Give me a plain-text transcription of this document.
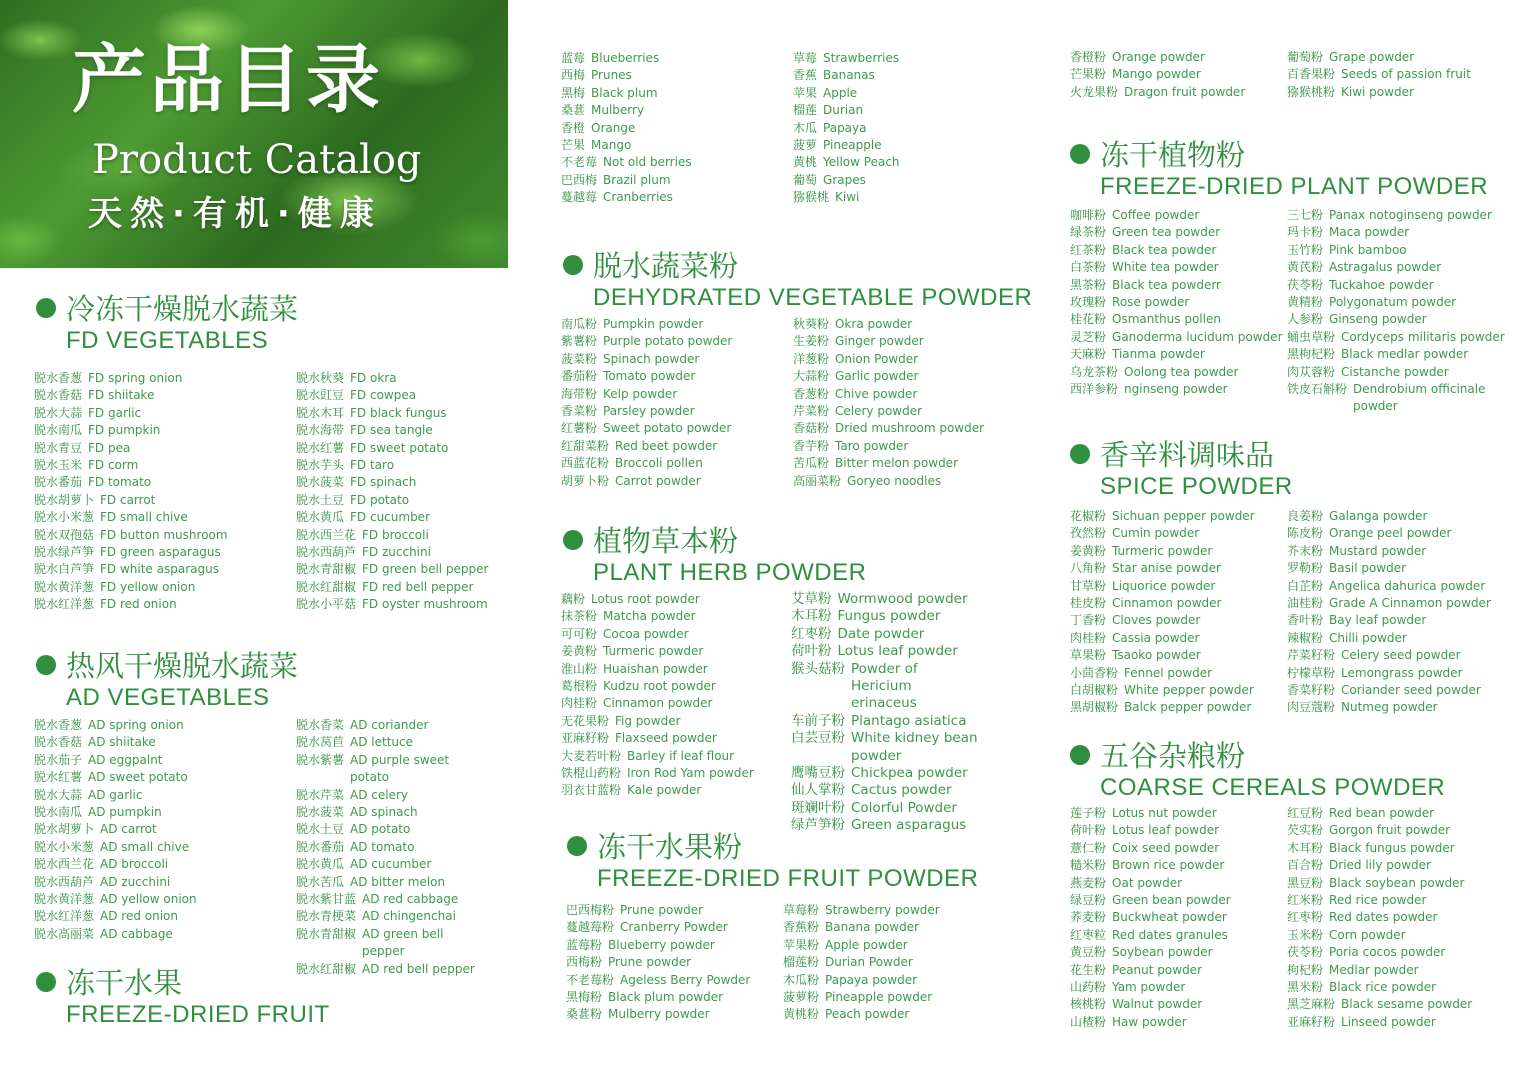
产品目录
Product Catalog
天然·有机·健康
冷冻干燥脱水蔬菜
FD VEGETABLES
脱水香葱 FD spring onion
脱水香菇 FD shiitake
脱水大蒜 FD garlic
脱水南瓜 FD pumpkin
脱水青豆 FD pea
脱水玉米 FD corm
脱水番茄 FD tomato
脱水胡萝卜 FD carrot
脱水小米葱 FD small chive
脱水双孢菇 FD button mushroom
脱水绿芦笋 FD green asparagus
脱水白芦笋 FD white asparagus
脱水黄洋葱 FD yellow onion
脱水红洋葱 FD red onion
脱水秋葵 FD okra
脱水豇豆 FD cowpea
脱水木耳 FD black fungus
脱水海带 FD sea tangle
脱水红薯 FD sweet potato
脱水芋头 FD taro
脱水菠菜 FD spinach
脱水土豆 FD potato
脱水黄瓜 FD cucumber
脱水西兰花 FD broccoli
脱水西葫芦 FD zucchini
脱水青甜椒 FD green bell pepper
脱水红甜椒 FD red bell pepper
脱水小平菇 FD oyster mushroom
热风干燥脱水蔬菜
AD VEGETABLES
脱水香葱 AD spring onion
脱水香菇 AD shiitake
脱水茄子 AD eggpalnt
脱水红薯 AD sweet potato
脱水大蒜 AD garlic
脱水南瓜 AD pumpkin
脱水胡萝卜 AD carrot
脱水小米葱 AD small chive
脱水西兰花 AD broccoli
脱水西葫芦 AD zucchini
脱水黄洋葱 AD yellow onion
脱水红洋葱 AD red onion
脱水高丽菜 AD cabbage
脱水香菜 AD coriander
脱水莴苣 AD lettuce
脱水紫薯 AD purple sweet potato
脱水芹菜 AD celery
脱水菠菜 AD spinach
脱水土豆 AD potato
脱水番茄 AD tomato
脱水黄瓜 AD cucumber
脱水苦瓜 AD bitter melon
脱水紫甘蓝 AD red cabbage
脱水青梗菜 AD chingenchai
脱水青甜椒 AD green bell pepper
脱水红甜椒 AD red bell pepper
冻干水果
FREEZE-DRIED FRUIT
蓝莓 Blueberries
西梅 Prunes
黑梅 Black plum
桑葚 Mulberry
香橙 Orange
芒果 Mango
不老莓 Not old berries
巴西梅 Brazil plum
蔓越莓 Cranberries
草莓 Strawberries
香蕉 Bananas
苹果 Apple
榴莲 Durian
木瓜 Papaya
菠萝 Pineapple
黄桃 Yellow Peach
葡萄 Grapes
猕猴桃 Kiwi
脱水蔬菜粉
DEHYDRATED VEGETABLE POWDER
南瓜粉 Pumpkin powder
紫薯粉 Purple potato powder
菠菜粉 Spinach powder
番茄粉 Tomato powder
海带粉 Kelp powder
香菜粉 Parsley powder
红薯粉 Sweet potato powder
红甜菜粉 Red beet powder
西蓝花粉 Broccoli pollen
胡萝卜粉 Carrot powder
秋葵粉 Okra powder
生姜粉 Ginger powder
洋葱粉 Onion Powder
大蒜粉 Garlic powder
香葱粉 Chive powder
芹菜粉 Celery powder
香菇粉 Dried mushroom powder
香芋粉 Taro powder
苦瓜粉 Bitter melon powder
高丽菜粉 Goryeo noodles
植物草本粉
PLANT HERB POWDER
藕粉 Lotus root powder
抹茶粉 Matcha powder
可可粉 Cocoa powder
姜黄粉 Turmeric powder
淮山粉 Huaishan powder
葛根粉 Kudzu root powder
肉桂粉 Cinnamon powder
无花果粉 Fig powder
亚麻籽粉 Flaxseed powder
大麦若叶粉 Barley if leaf flour
铁棍山药粉 Iron Rod Yam powder
羽衣甘蓝粉 Kale powder
艾草粉 Wormwood powder
木耳粉 Fungus powder
红枣粉 Date powder
荷叶粉 Lotus leaf powder
猴头菇粉 Powder of Hericium erinaceus
车前子粉 Plantago asiatica
白芸豆粉 White kidney bean powder
鹰嘴豆粉 Chickpea powder
仙人掌粉 Cactus powder
斑斓叶粉 Colorful Powder
绿芦笋粉 Green asparagus
冻干水果粉
FREEZE-DRIED FRUIT POWDER
巴西梅粉 Prune powder
蔓越莓粉 Cranberry Powder
蓝莓粉 Blueberry powder
西梅粉 Prune powder
不老莓粉 Ageless Berry Powder
黑梅粉 Black plum powder
桑葚粉 Mulberry powder
草莓粉 Strawberry powder
香蕉粉 Banana powder
苹果粉 Apple powder
榴莲粉 Durian Powder
木瓜粉 Papaya powder
菠萝粉 Pineapple powder
黄桃粉 Peach powder
香橙粉 Orange powder
芒果粉 Mango powder
火龙果粉 Dragon fruit powder
葡萄粉 Grape powder
百香果粉 Seeds of passion fruit
猕猴桃粉 Kiwi powder
冻干植物粉
FREEZE-DRIED PLANT POWDER
咖啡粉 Coffee powder
绿茶粉 Green tea powder
红茶粉 Black tea powder
白茶粉 White tea powder
黑茶粉 Black tea powderr
玫瑰粉 Rose powder
桂花粉 Osmanthus pollen
灵芝粉 Ganoderma lucidum powder
天麻粉 Tianma powder
乌龙茶粉 Oolong tea powder
西洋参粉 nginseng powder
三七粉 Panax notoginseng powder
玛卡粉 Maca powder
玉竹粉 Pink bamboo
黄芪粉 Astragalus powder
茯苓粉 Tuckahoe powder
黄精粉 Polygonatum powder
人参粉 Ginseng powder
蛹虫草粉 Cordyceps militaris powder
黑枸杞粉 Black medlar powder
肉苁蓉粉 Cistanche powder
铁皮石斛粉 Dendrobium officinale powder
香辛料调味品
SPICE POWDER
花椒粉 Sichuan pepper powder
孜然粉 Cumin powder
姜黄粉 Turmeric powder
八角粉 Star anise powder
甘草粉 Liquorice powder
桂皮粉 Cinnamon powder
丁香粉 Cloves powder
肉桂粉 Cassia powder
草果粉 Tsaoko powder
小茴香粉 Fennel powder
白胡椒粉 White pepper powder
黑胡椒粉 Balck pepper powder
良姜粉 Galanga powder
陈皮粉 Orange peel powder
芥末粉 Mustard powder
罗勒粉 Basil powder
白芷粉 Angelica dahurica powder
油桂粉 Grade A Cinnamon powder
香叶粉 Bay leaf powder
辣椒粉 Chilli powder
芹菜籽粉 Celery seed powder
柠檬草粉 Lemongrass powder
香菜籽粉 Coriander seed powder
肉豆蔻粉 Nutmeg powder
五谷杂粮粉
COARSE CEREALS POWDER
莲子粉 Lotus nut powder
荷叶粉 Lotus leaf powder
薏仁粉 Coix seed powder
糙米粉 Brown rice powder
燕麦粉 Oat powder
绿豆粉 Green bean powder
荞麦粉 Buckwheat powder
红枣粒 Red dates granules
黄豆粉 Soybean powder
花生粉 Peanut powder
山药粉 Yam powder
核桃粉 Walnut powder
山楂粉 Haw powder
红豆粉 Red bean powder
芡实粉 Gorgon fruit powder
木耳粉 Black fungus powder
百合粉 Dried lily powder
黑豆粉 Black soybean powder
红米粉 Red rice powder
红枣粉 Red dates powder
玉米粉 Corn powder
茯苓粉 Poria cocos powder
枸杞粉 Medlar powder
黑米粉 Black rice powder
黑芝麻粉 Black sesame powder
亚麻籽粉 Linseed powder
